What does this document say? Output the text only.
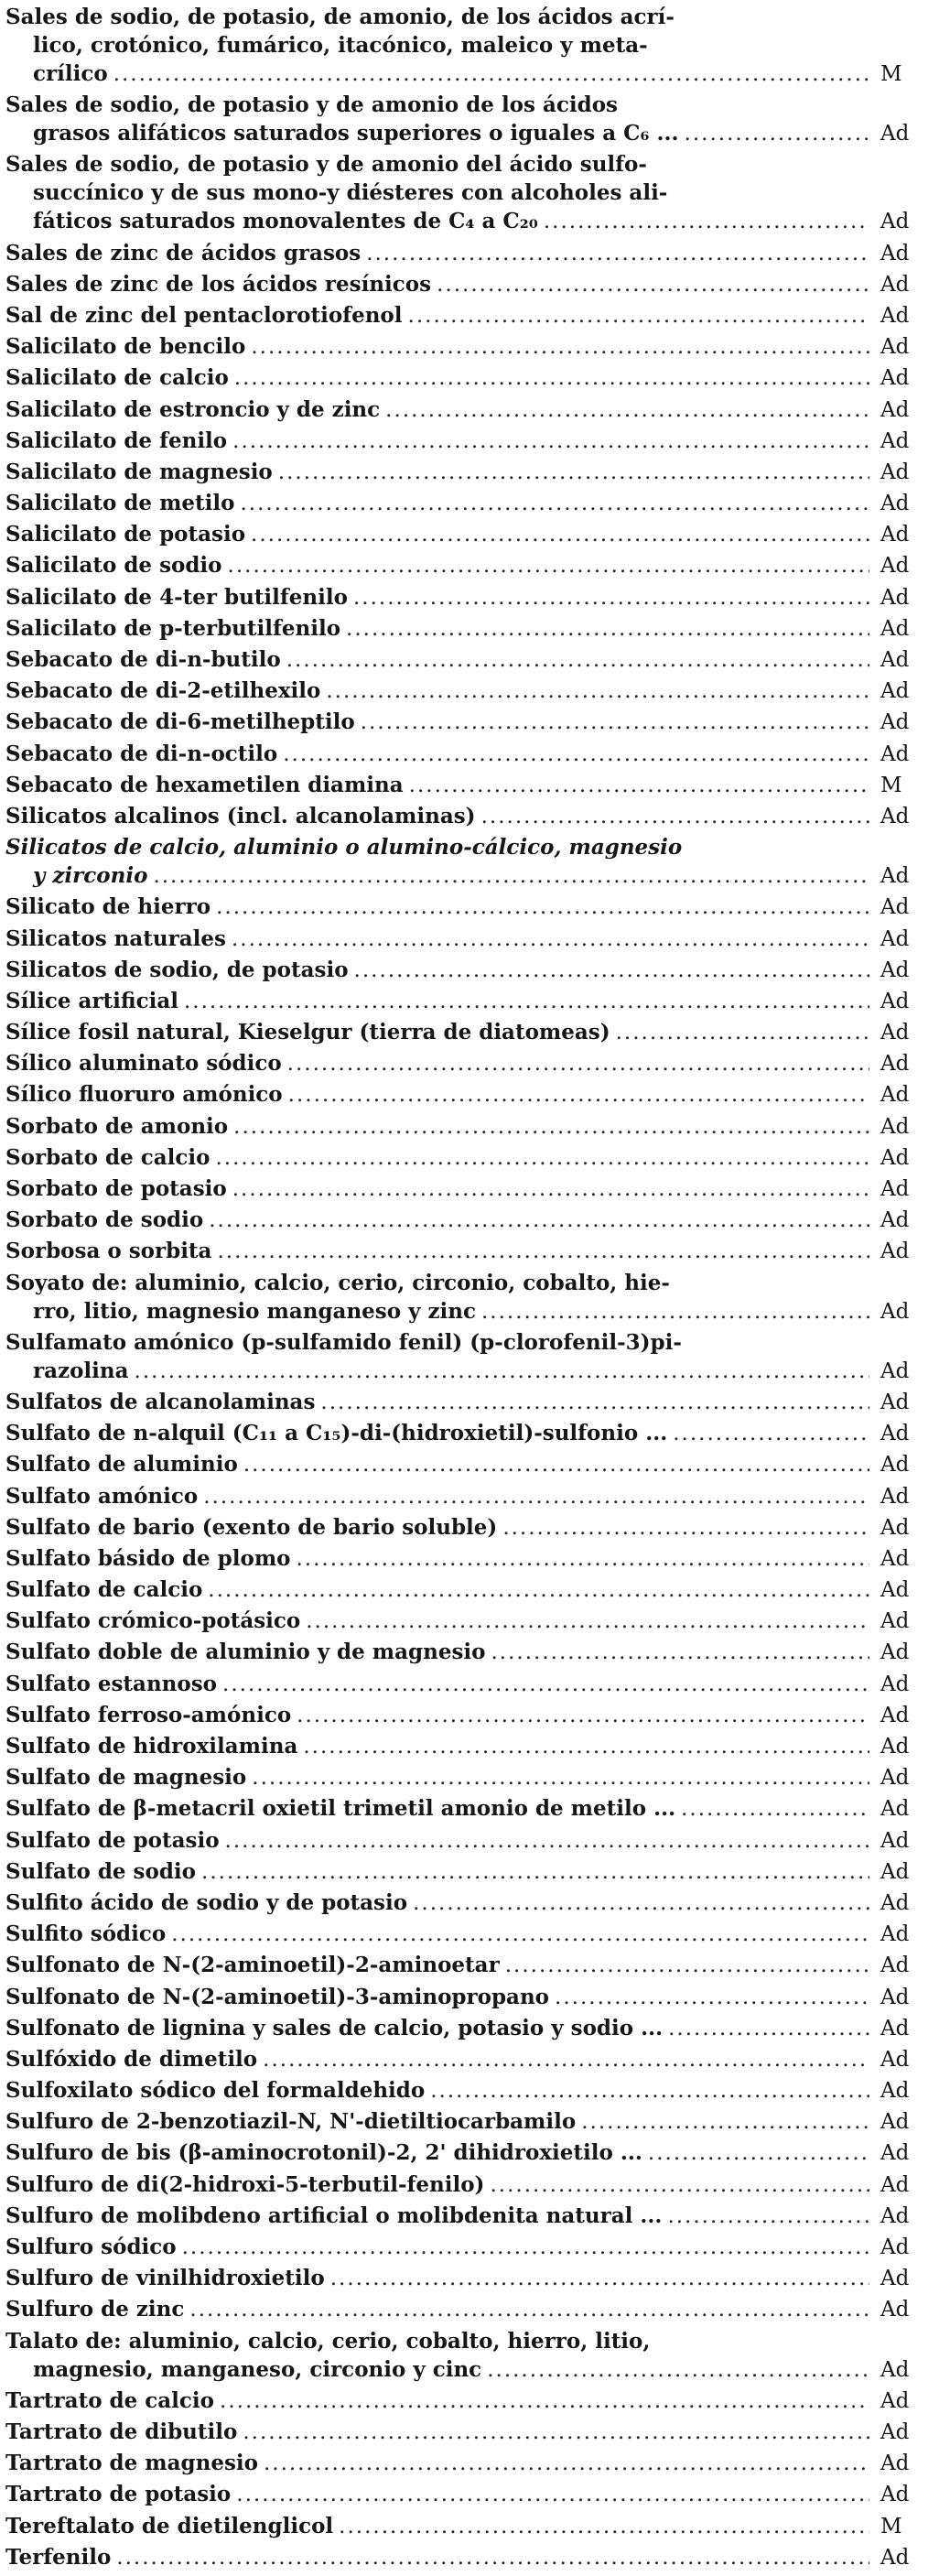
Sales de sodio, de potasio, de amonio, de los ácidos acrí-
lico, crotónico, fumárico, itacónico, maleico y meta-
crílico .....	M
Sales de sodio, de potasio y de amonio de los ácidos
grasos alifáticos saturados superiores o iguales a C₆ ... .....	Ad
Sales de sodio, de potasio y de amonio del ácido sulfo-
succínico y de sus mono-y diésteres con alcoholes ali-
fáticos saturados monovalentes de C₄ a C₂₀ .....	Ad
Sales de zinc de ácidos grasos .....	Ad
Sales de zinc de los ácidos resínicos .....	Ad
Sal de zinc del pentaclorotiofenol .....	Ad
Salicilato de bencilo .....	Ad
Salicilato de calcio .....	Ad
Salicilato de estroncio y de zinc .....	Ad
Salicilato de fenilo .....	Ad
Salicilato de magnesio .....	Ad
Salicilato de metilo .....	Ad
Salicilato de potasio .....	Ad
Salicilato de sodio .....	Ad
Salicilato de 4-ter butilfenilo .....	Ad
Salicilato de p-terbutilfenilo .....	Ad
Sebacato de di-n-butilo .....	Ad
Sebacato de di-2-etilhexilo .....	Ad
Sebacato de di-6-metilheptilo .....	Ad
Sebacato de di-n-octilo .....	Ad
Sebacato de hexametilen diamina .....	M
Silicatos alcalinos (incl. alcanolaminas) .....	Ad
Silicatos de calcio, aluminio o alumino-cálcico, magnesio
y zirconio .....	Ad
Silicato de hierro .....	Ad
Silicatos naturales .....	Ad
Silicatos de sodio, de potasio .....	Ad
Sílice artificial .....	Ad
Sílice fosil natural, Kieselgur (tierra de diatomeas) .....	Ad
Sílico aluminato sódico .....	Ad
Sílico fluoruro amónico .....	Ad
Sorbato de amonio .....	Ad
Sorbato de calcio .....	Ad
Sorbato de potasio .....	Ad
Sorbato de sodio .....	Ad
Sorbosa o sorbita .....	Ad
Soyato de: aluminio, calcio, cerio, circonio, cobalto, hie-
rro, litio, magnesio manganeso y zinc .....	Ad
Sulfamato amónico (p-sulfamido fenil) (p-clorofenil-3)pi-
razolina .....	Ad
Sulfatos de alcanolaminas .....	Ad
Sulfato de n-alquil (C₁₁ a C₁₅)-di-(hidroxietil)-sulfonio ... .....	Ad
Sulfato de aluminio .....	Ad
Sulfato amónico .....	Ad
Sulfato de bario (exento de bario soluble) .....	Ad
Sulfato básido de plomo .....	Ad
Sulfato de calcio .....	Ad
Sulfato crómico-potásico .....	Ad
Sulfato doble de aluminio y de magnesio .....	Ad
Sulfato estannoso .....	Ad
Sulfato ferroso-amónico .....	Ad
Sulfato de hidroxilamina .....	Ad
Sulfato de magnesio .....	Ad
Sulfato de β-metacril oxietil trimetil amonio de metilo ... .....	Ad
Sulfato de potasio .....	Ad
Sulfato de sodio .....	Ad
Sulfito ácido de sodio y de potasio .....	Ad
Sulfito sódico .....	Ad
Sulfonato de N-(2-aminoetil)-2-aminoetar .....	Ad
Sulfonato de N-(2-aminoetil)-3-aminopropano .....	Ad
Sulfonato de lignina y sales de calcio, potasio y sodio ... .....	Ad
Sulfóxido de dimetilo .....	Ad
Sulfoxilato sódico del formaldehido .....	Ad
Sulfuro de 2-benzotiazil-N, N'-dietiltiocarbamilo .....	Ad
Sulfuro de bis (β-aminocrotonil)-2, 2' dihidroxietilo ... .....	Ad
Sulfuro de di(2-hidroxi-5-terbutil-fenilo) .....	Ad
Sulfuro de molibdeno artificial o molibdenita natural ... .....	Ad
Sulfuro sódico .....	Ad
Sulfuro de vinilhidroxietilo .....	Ad
Sulfuro de zinc .....	Ad
Talato de: aluminio, calcio, cerio, cobalto, hierro, litio,
magnesio, manganeso, circonio y cinc .....	Ad
Tartrato de calcio .....	Ad
Tartrato de dibutilo .....	Ad
Tartrato de magnesio .....	Ad
Tartrato de potasio .....	Ad
Tereftalato de dietilenglicol .....	M
Terfenilo .....	Ad
